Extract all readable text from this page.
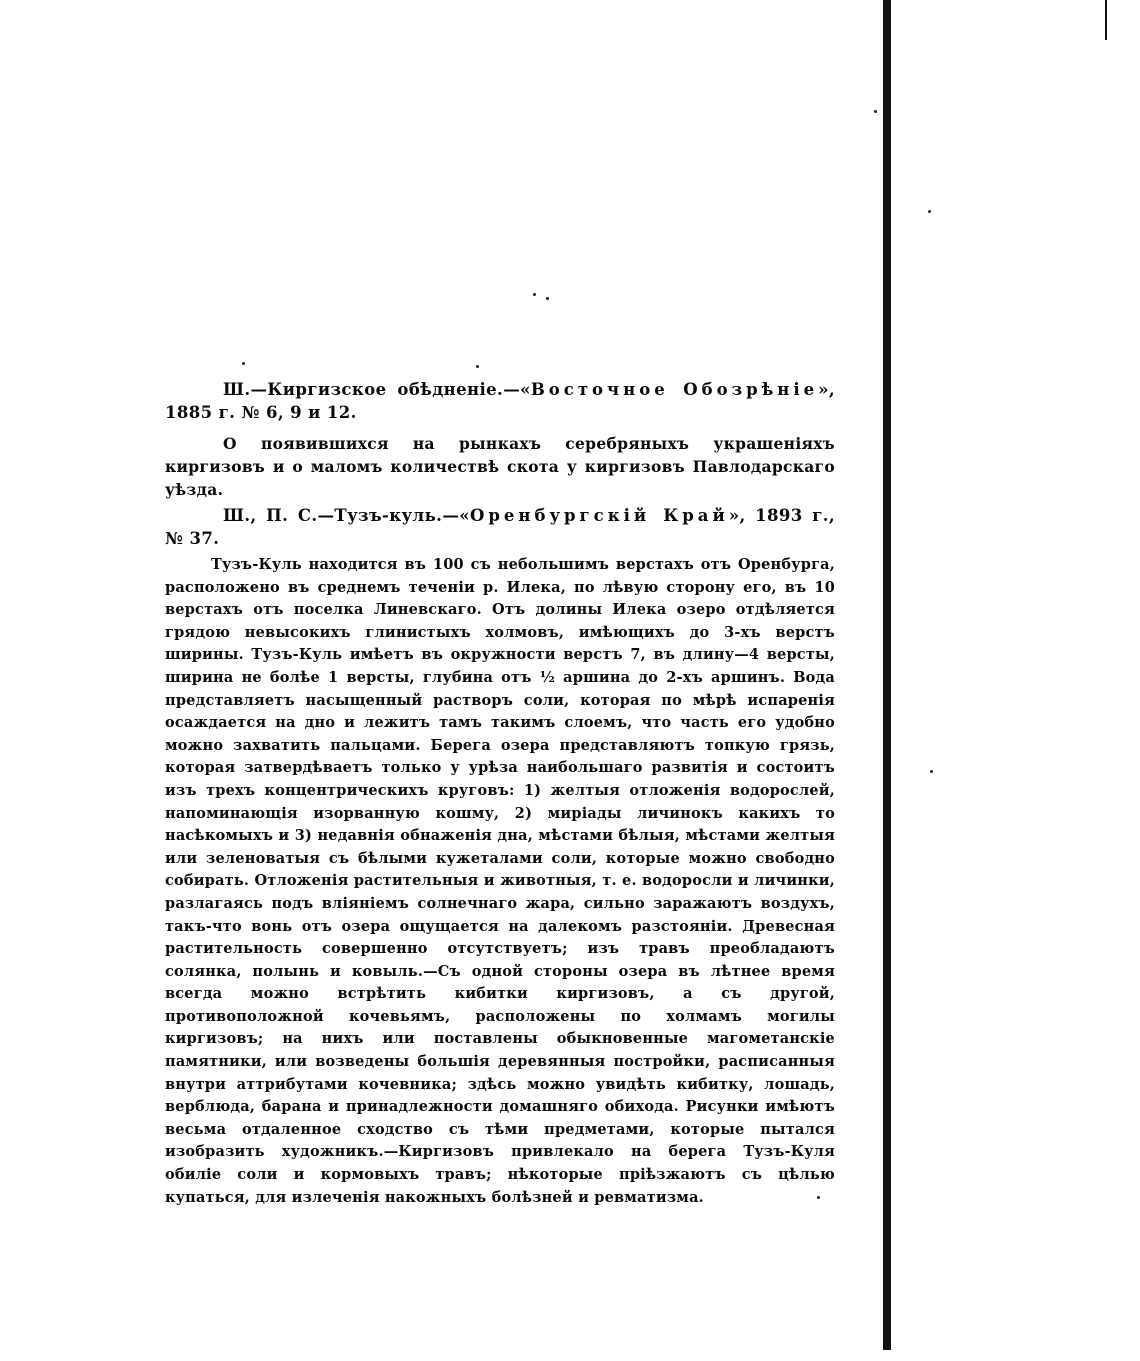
Ш.—Киргизское обѣдненіе.—«Восточное Обозрѣніе», 1885 г. № 6, 9 и 12.
О появившихся на рынкахъ серебряныхъ украшеніяхъ киргизовъ и о маломъ количествѣ скота у киргизовъ Павлодарскаго уѣзда.
Ш., П. С.—Тузъ-куль.—«Оренбургскій Край», 1893 г., № 37.

Тузъ-Куль находится въ 100 съ небольшимъ верстахъ отъ Оренбурга, расположено въ среднемъ теченіи р. Илека, по лѣвую сторону его, въ 10 верстахъ отъ поселка Линевскаго. Отъ долины Илека озеро отдѣляется грядою невысокихъ глинистыхъ холмовъ, имѣющихъ до 3-хъ верстъ ширины. Тузъ-Куль имѣетъ въ окружности верстъ 7, въ длину—4 версты, ширина не болѣе 1 версты, глубина отъ ½ аршина до 2-хъ аршинъ. Вода представляетъ насыщенный растворъ соли, которая по мѣрѣ испаренія осаждается на дно и лежитъ тамъ такимъ слоемъ, что часть его удобно можно захватить пальцами. Берега озера представляютъ топкую грязь, которая затвердѣваетъ только у урѣза наибольшаго развитія и состоитъ изъ трехъ концентрическихъ круговъ: 1) желтыя отложенія водорослей, напоминающія изорванную кошму, 2) миріады личинокъ какихъ то насѣкомыхъ и 3) недавнія обнаженія дна, мѣстами бѣлыя, мѣстами желтыя или зеленоватыя съ бѣлыми кужеталами соли, которые можно свободно собирать. Отложенія растительныя и животныя, т. е. водоросли и личинки, разлагаясь подъ вліяніемъ солнечнаго жара, сильно заражаютъ воздухъ, такъ-что вонь отъ озера ощущается на далекомъ разстояніи. Древесная растительность совершенно отсутствуетъ; изъ травъ преобладаютъ солянка, полынь и ковыль.—Съ одной стороны озера въ лѣтнее время всегда можно встрѣтить кибитки киргизовъ, а съ другой, противоположной кочевьямъ, расположены по холмамъ могилы киргизовъ; на нихъ или поставлены обыкновенные магометанскіе памятники, или возведены большія деревянныя постройки, расписанныя внутри аттрибутами кочевника; здѣсь можно увидѣть кибитку, лошадь, верблюда, барана и принадлежности домашняго обихода. Рисунки имѣютъ весьма отдаленное сходство съ тѣми предметами, которые пытался изобразить художникъ.—Киргизовъ привлекало на берега Тузъ-Куля обиліе соли и кормовыхъ травъ; нѣкоторые пріѣзжаютъ съ цѣлью купаться, для излеченія накожныхъ болѣзней и ревматизма.
